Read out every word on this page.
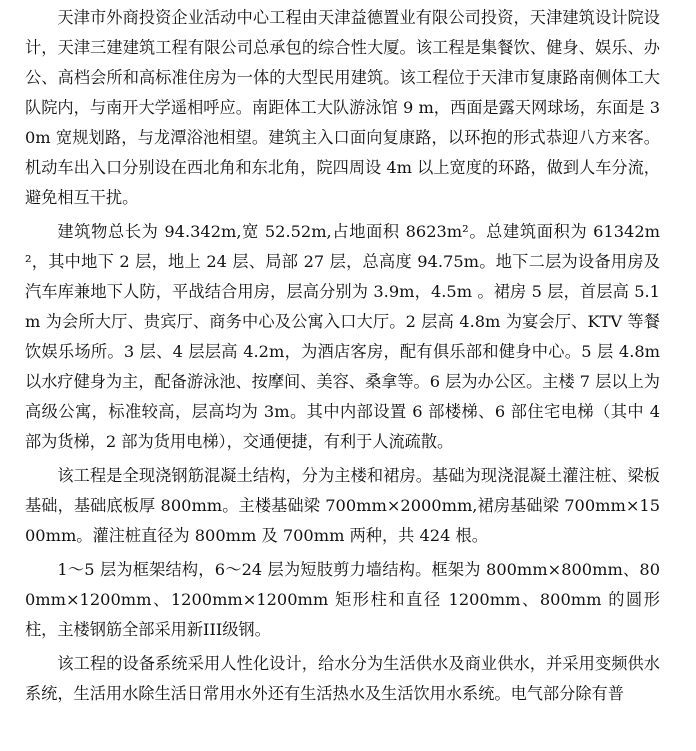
天津市外商投资企业活动中心工程由天津益德置业有限公司投资，天津建筑设计院设计，天津三建建筑工程有限公司总承包的综合性大厦。该工程是集餐饮、健身、娱乐、办公、高档会所和高标准住房为一体的大型民用建筑。该工程位于天津市复康路南侧体工大队院内，与南开大学遥相呼应。南距体工大队游泳馆 9 m，西面是露天网球场，东面是 30m 宽规划路，与龙潭浴池相望。建筑主入口面向复康路，以环抱的形式恭迎八方来客。机动车出入口分别设在西北角和东北角，院四周设 4m 以上宽度的环路，做到人车分流，避免相互干扰。

建筑物总长为 94.342m,宽 52.52m,占地面积 8623m²。总建筑面积为 61342m²，其中地下 2 层，地上 24 层、局部 27 层，总高度 94.75m。地下二层为设备用房及汽车库兼地下人防，平战结合用房，层高分别为 3.9m，4.5m 。裙房 5 层，首层高 5.1m 为会所大厅、贵宾厅、商务中心及公寓入口大厅。2 层高 4.8m 为宴会厅、KTV 等餐饮娱乐场所。3 层、4 层层高 4.2m，为酒店客房，配有俱乐部和健身中心。5 层 4.8m 以水疗健身为主，配备游泳池、按摩间、美容、桑拿等。6 层为办公区。主楼 7 层以上为高级公寓，标准较高，层高均为 3m。其中内部设置 6 部楼梯、6 部住宅电梯（其中 4 部为货梯，2 部为货用电梯），交通便捷，有利于人流疏散。

该工程是全现浇钢筋混凝土结构，分为主楼和裙房。基础为现浇混凝土灌注桩、梁板基础，基础底板厚 800mm。主楼基础梁 700mm×2000mm,裙房基础梁 700mm×1500mm。灌注桩直径为 800mm 及 700mm 两种，共 424 根。

1～5 层为框架结构，6～24 层为短肢剪力墙结构。框架为 800mm×800mm、800mm×1200mm、1200mm×1200mm 矩形柱和直径 1200mm、800mm 的圆形柱，主楼钢筋全部采用新III级钢。

该工程的设备系统采用人性化设计，给水分为生活供水及商业供水，并采用变频供水系统，生活用水除生活日常用水外还有生活热水及生活饮用水系统。电气部分除有普
